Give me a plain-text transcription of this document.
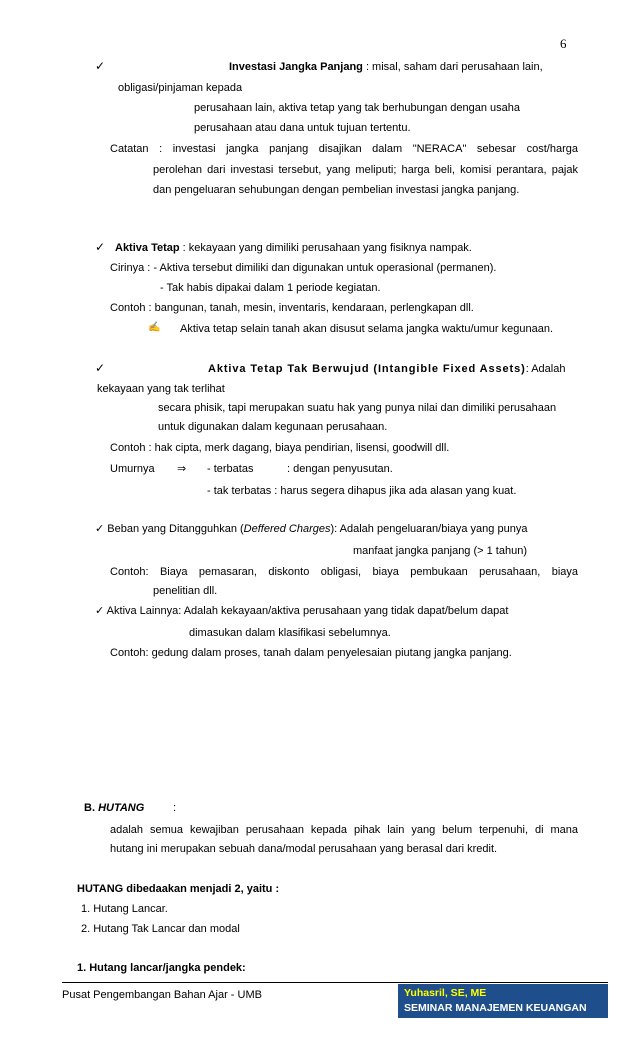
6
✓	Investasi Jangka Panjang : misal, saham dari perusahaan lain,
obligasi/pinjaman kepada
perusahaan lain, aktiva tetap yang tak berhubungan dengan usaha
perusahaan atau dana untuk tujuan tertentu.
Catatan : investasi jangka panjang disajikan dalam "NERACA" sebesar cost/harga
perolehan dari investasi tersebut, yang meliputi; harga beli, komisi perantara, pajak
dan pengeluaran sehubungan dengan pembelian investasi jangka panjang.
✓ Aktiva Tetap : kekayaan yang dimiliki perusahaan yang fisiknya nampak.
Cirinya : - Aktiva tersebut dimiliki dan digunakan untuk operasional (permanen).
- Tak habis dipakai dalam 1 periode kegiatan.
Contoh : bangunan, tanah, mesin, inventaris, kendaraan, perlengkapan dll.
✍ Aktiva tetap selain tanah akan disusut selama jangka waktu/umur kegunaan.
✓	Aktiva Tetap Tak Berwujud (Intangible Fixed Assets): Adalah
kekayaan yang tak terlihat
secara phisik, tapi merupakan suatu hak yang punya nilai dan dimiliki perusahaan
untuk digunakan dalam kegunaan perusahaan.
Contoh : hak cipta, merk dagang, biaya pendirian, lisensi, goodwill dll.
Umurnya ⇒ - terbatas	: dengan penyusutan.
- tak terbatas : harus segera dihapus jika ada alasan yang kuat.
✓ Beban yang Ditangguhkan (Deffered Charges): Adalah pengeluaran/biaya yang punya
manfaat jangka panjang (> 1 tahun)
Contoh: Biaya pemasaran, diskonto obligasi, biaya pembukaan perusahaan, biaya
penelitian dll.
✓ Aktiva Lainnya: Adalah kekayaan/aktiva perusahaan yang tidak dapat/belum dapat
dimasukan dalam klasifikasi sebelumnya.
Contoh: gedung dalam proses, tanah dalam penyelesaian piutang jangka panjang.
B. HUTANG	:
adalah semua kewajiban perusahaan kepada pihak lain yang belum terpenuhi, di mana
hutang ini merupakan sebuah dana/modal perusahaan yang berasal dari kredit.
HUTANG dibedaakan menjadi 2, yaitu :
1. Hutang Lancar.
2. Hutang Tak Lancar dan modal
1. Hutang lancar/jangka pendek:
Pusat Pengembangan Bahan Ajar - UMB	Yuhasril, SE, ME
SEMINAR MANAJEMEN KEUANGAN
